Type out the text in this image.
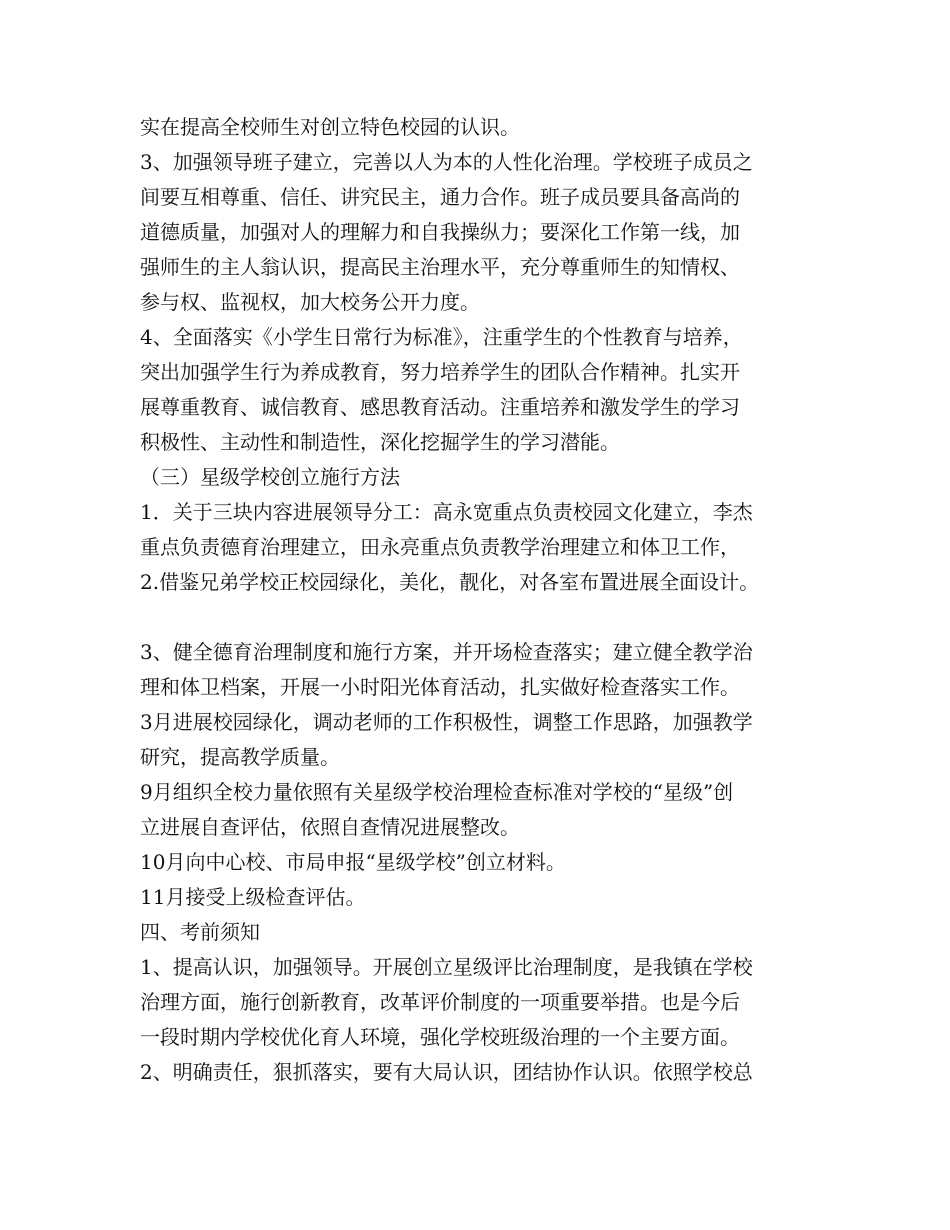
实在提高全校师生对创立特色校园的认识。
3、加强领导班子建立，完善以人为本的人性化治理。学校班子成员之
间要互相尊重、信任、讲究民主，通力合作。班子成员要具备高尚的
道德质量，加强对人的理解力和自我操纵力；要深化工作第一线，加
强师生的主人翁认识，提高民主治理水平，充分尊重师生的知情权、
参与权、监视权，加大校务公开力度。
4、全面落实《小学生日常行为标准》，注重学生的个性教育与培养，
突出加强学生行为养成教育，努力培养学生的团队合作精神。扎实开
展尊重教育、诚信教育、感思教育活动。注重培养和激发学生的学习
积极性、主动性和制造性，深化挖掘学生的学习潜能。
（三）星级学校创立施行方法
1．关于三块内容进展领导分工：高永宽重点负责校园文化建立，李杰
重点负责德育治理建立，田永亮重点负责教学治理建立和体卫工作，
2.借鉴兄弟学校正校园绿化，美化，靓化，对各室布置进展全面设计。
3、健全德育治理制度和施行方案，并开场检查落实；建立健全教学治
理和体卫档案，开展一小时阳光体育活动，扎实做好检查落实工作。
3月进展校园绿化，调动老师的工作积极性，调整工作思路，加强教学
研究，提高教学质量。
9月组织全校力量依照有关星级学校治理检查标准对学校的“星级”创
立进展自查评估，依照自查情况进展整改。
10月向中心校、市局申报“星级学校”创立材料。
11月接受上级检查评估。
四、考前须知
1、提高认识，加强领导。开展创立星级评比治理制度，是我镇在学校
治理方面，施行创新教育，改革评价制度的一项重要举措。也是今后
一段时期内学校优化育人环境，强化学校班级治理的一个主要方面。
2、明确责任，狠抓落实，要有大局认识，团结协作认识。依照学校总
